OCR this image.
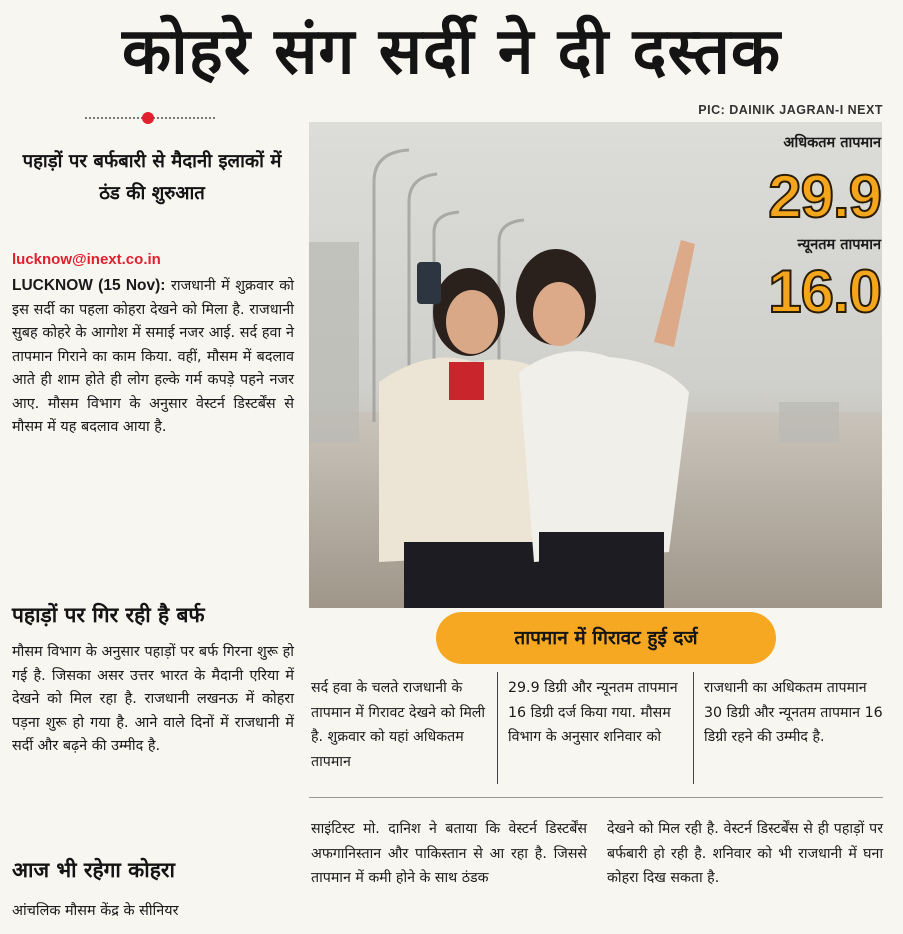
कोहरे संग सर्दी ने दी दस्तक
PIC: DAINIK JAGRAN-I NEXT
पहाड़ों पर बर्फबारी से मैदानी इलाकों में ठंड की शुरुआत
lucknow@inext.co.in
LUCKNOW (15 Nov): राजधानी में शुक्रवार को इस सर्दी का पहला कोहरा देखने को मिला है. राजधानी सुबह कोहरे के आगोश में समाई नजर आई. सर्द हवा ने तापमान गिराने का काम किया. वहीं, मौसम में बदलाव आते ही शाम होते ही लोग हल्के गर्म कपड़े पहने नजर आए. मौसम विभाग के अनुसार वेस्टर्न डिस्टर्बेंस से मौसम में यह बदलाव आया है.
पहाड़ों पर गिर रही है बर्फ
मौसम विभाग के अनुसार पहाड़ों पर बर्फ गिरना शुरू हो गई है. जिसका असर उत्तर भारत के मैदानी एरिया में देखने को मिल रहा है. राजधानी लखनऊ में कोहरा पड़ना शुरू हो गया है. आने वाले दिनों में राजधानी में सर्दी और बढ़ने की उम्मीद है.
आज भी रहेगा कोहरा
आंचलिक मौसम केंद्र के सीनियर
अधिकतम तापमान
29.9
न्यूनतम तापमान
16.0
तापमान में गिरावट हुई दर्ज
सर्द हवा के चलते राजधानी के तापमान में गिरावट देखने को मिली है. शुक्रवार को यहां अधिकतम तापमान
29.9 डिग्री और न्यूनतम तापमान 16 डिग्री दर्ज किया गया. मौसम विभाग के अनुसार शनिवार को
राजधानी का अधिकतम तापमान 30 डिग्री और न्यूनतम तापमान 16 डिग्री रहने की उम्मीद है.
साइंटिस्ट मो. दानिश ने बताया कि वेस्टर्न डिस्टर्बेंस अफगानिस्तान और पाकिस्तान से आ रहा है. जिससे तापमान में कमी होने के साथ ठंडक
देखने को मिल रही है. वेस्टर्न डिस्टर्बेंस से ही पहाड़ों पर बर्फबारी हो रही है. शनिवार को भी राजधानी में घना कोहरा दिख सकता है.
